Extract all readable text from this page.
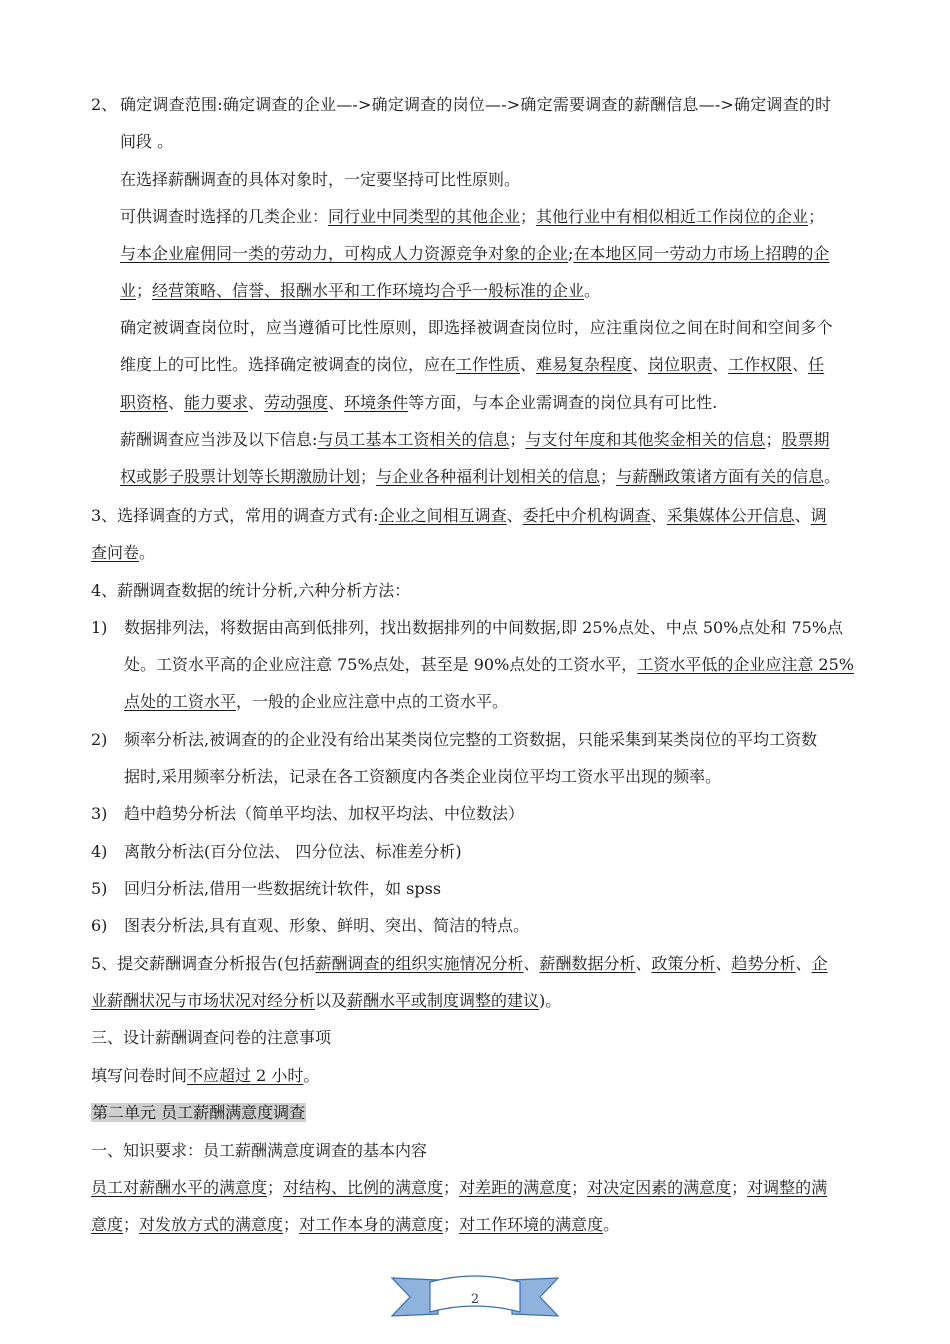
2、 确定调查范围:确定调查的企业—->确定调查的岗位—->确定需要调查的薪酬信息—->确定调查的时
间段 。
在选择薪酬调查的具体对象时，一定要坚持可比性原则。
可供调查时选择的几类企业：同行业中同类型的其他企业；其他行业中有相似相近工作岗位的企业；
与本企业雇佣同一类的劳动力，可构成人力资源竞争对象的企业;在本地区同一劳动力市场上招聘的企
业；经营策略、信誉、报酬水平和工作环境均合乎一般标准的企业。
确定被调查岗位时，应当遵循可比性原则，即选择被调查岗位时，应注重岗位之间在时间和空间多个
维度上的可比性。选择确定被调查的岗位，应在工作性质、难易复杂程度、岗位职责、工作权限、任
职资格、能力要求、劳动强度、环境条件等方面，与本企业需调查的岗位具有可比性.
薪酬调查应当涉及以下信息:与员工基本工资相关的信息；与支付年度和其他奖金相关的信息；股票期
权或影子股票计划等长期激励计划；与企业各种福利计划相关的信息；与薪酬政策诸方面有关的信息。
3、选择调查的方式，常用的调查方式有:企业之间相互调查、委托中介机构调查、采集媒体公开信息、调
查问卷。
4、薪酬调查数据的统计分析,六种分析方法：
1) 数据排列法，将数据由高到低排列，找出数据排列的中间数据,即 25%点处、中点 50%点处和 75%点
处。工资水平高的企业应注意 75%点处，甚至是 90%点处的工资水平，工资水平低的企业应注意 25%
点处的工资水平，一般的企业应注意中点的工资水平。
2) 频率分析法,被调查的的企业没有给出某类岗位完整的工资数据，只能采集到某类岗位的平均工资数
据时,采用频率分析法，记录在各工资额度内各类企业岗位平均工资水平出现的频率。
3) 趋中趋势分析法（简单平均法、加权平均法、中位数法）
4) 离散分析法(百分位法、 四分位法、标准差分析)
5) 回归分析法,借用一些数据统计软件，如 spss
6) 图表分析法,具有直观、形象、鲜明、突出、简洁的特点。
5、提交薪酬调查分析报告(包括薪酬调查的组织实施情况分析、薪酬数据分析、政策分析、趋势分析、企
业薪酬状况与市场状况对经分析以及薪酬水平或制度调整的建议)。
三、设计薪酬调查问卷的注意事项
填写问卷时间不应超过 2 小时。
第二单元 员工薪酬满意度调查
一、知识要求：员工薪酬满意度调查的基本内容
员工对薪酬水平的满意度；对结构、比例的满意度；对差距的满意度；对决定因素的满意度；对调整的满
意度；对发放方式的满意度；对工作本身的满意度；对工作环境的满意度。
2
